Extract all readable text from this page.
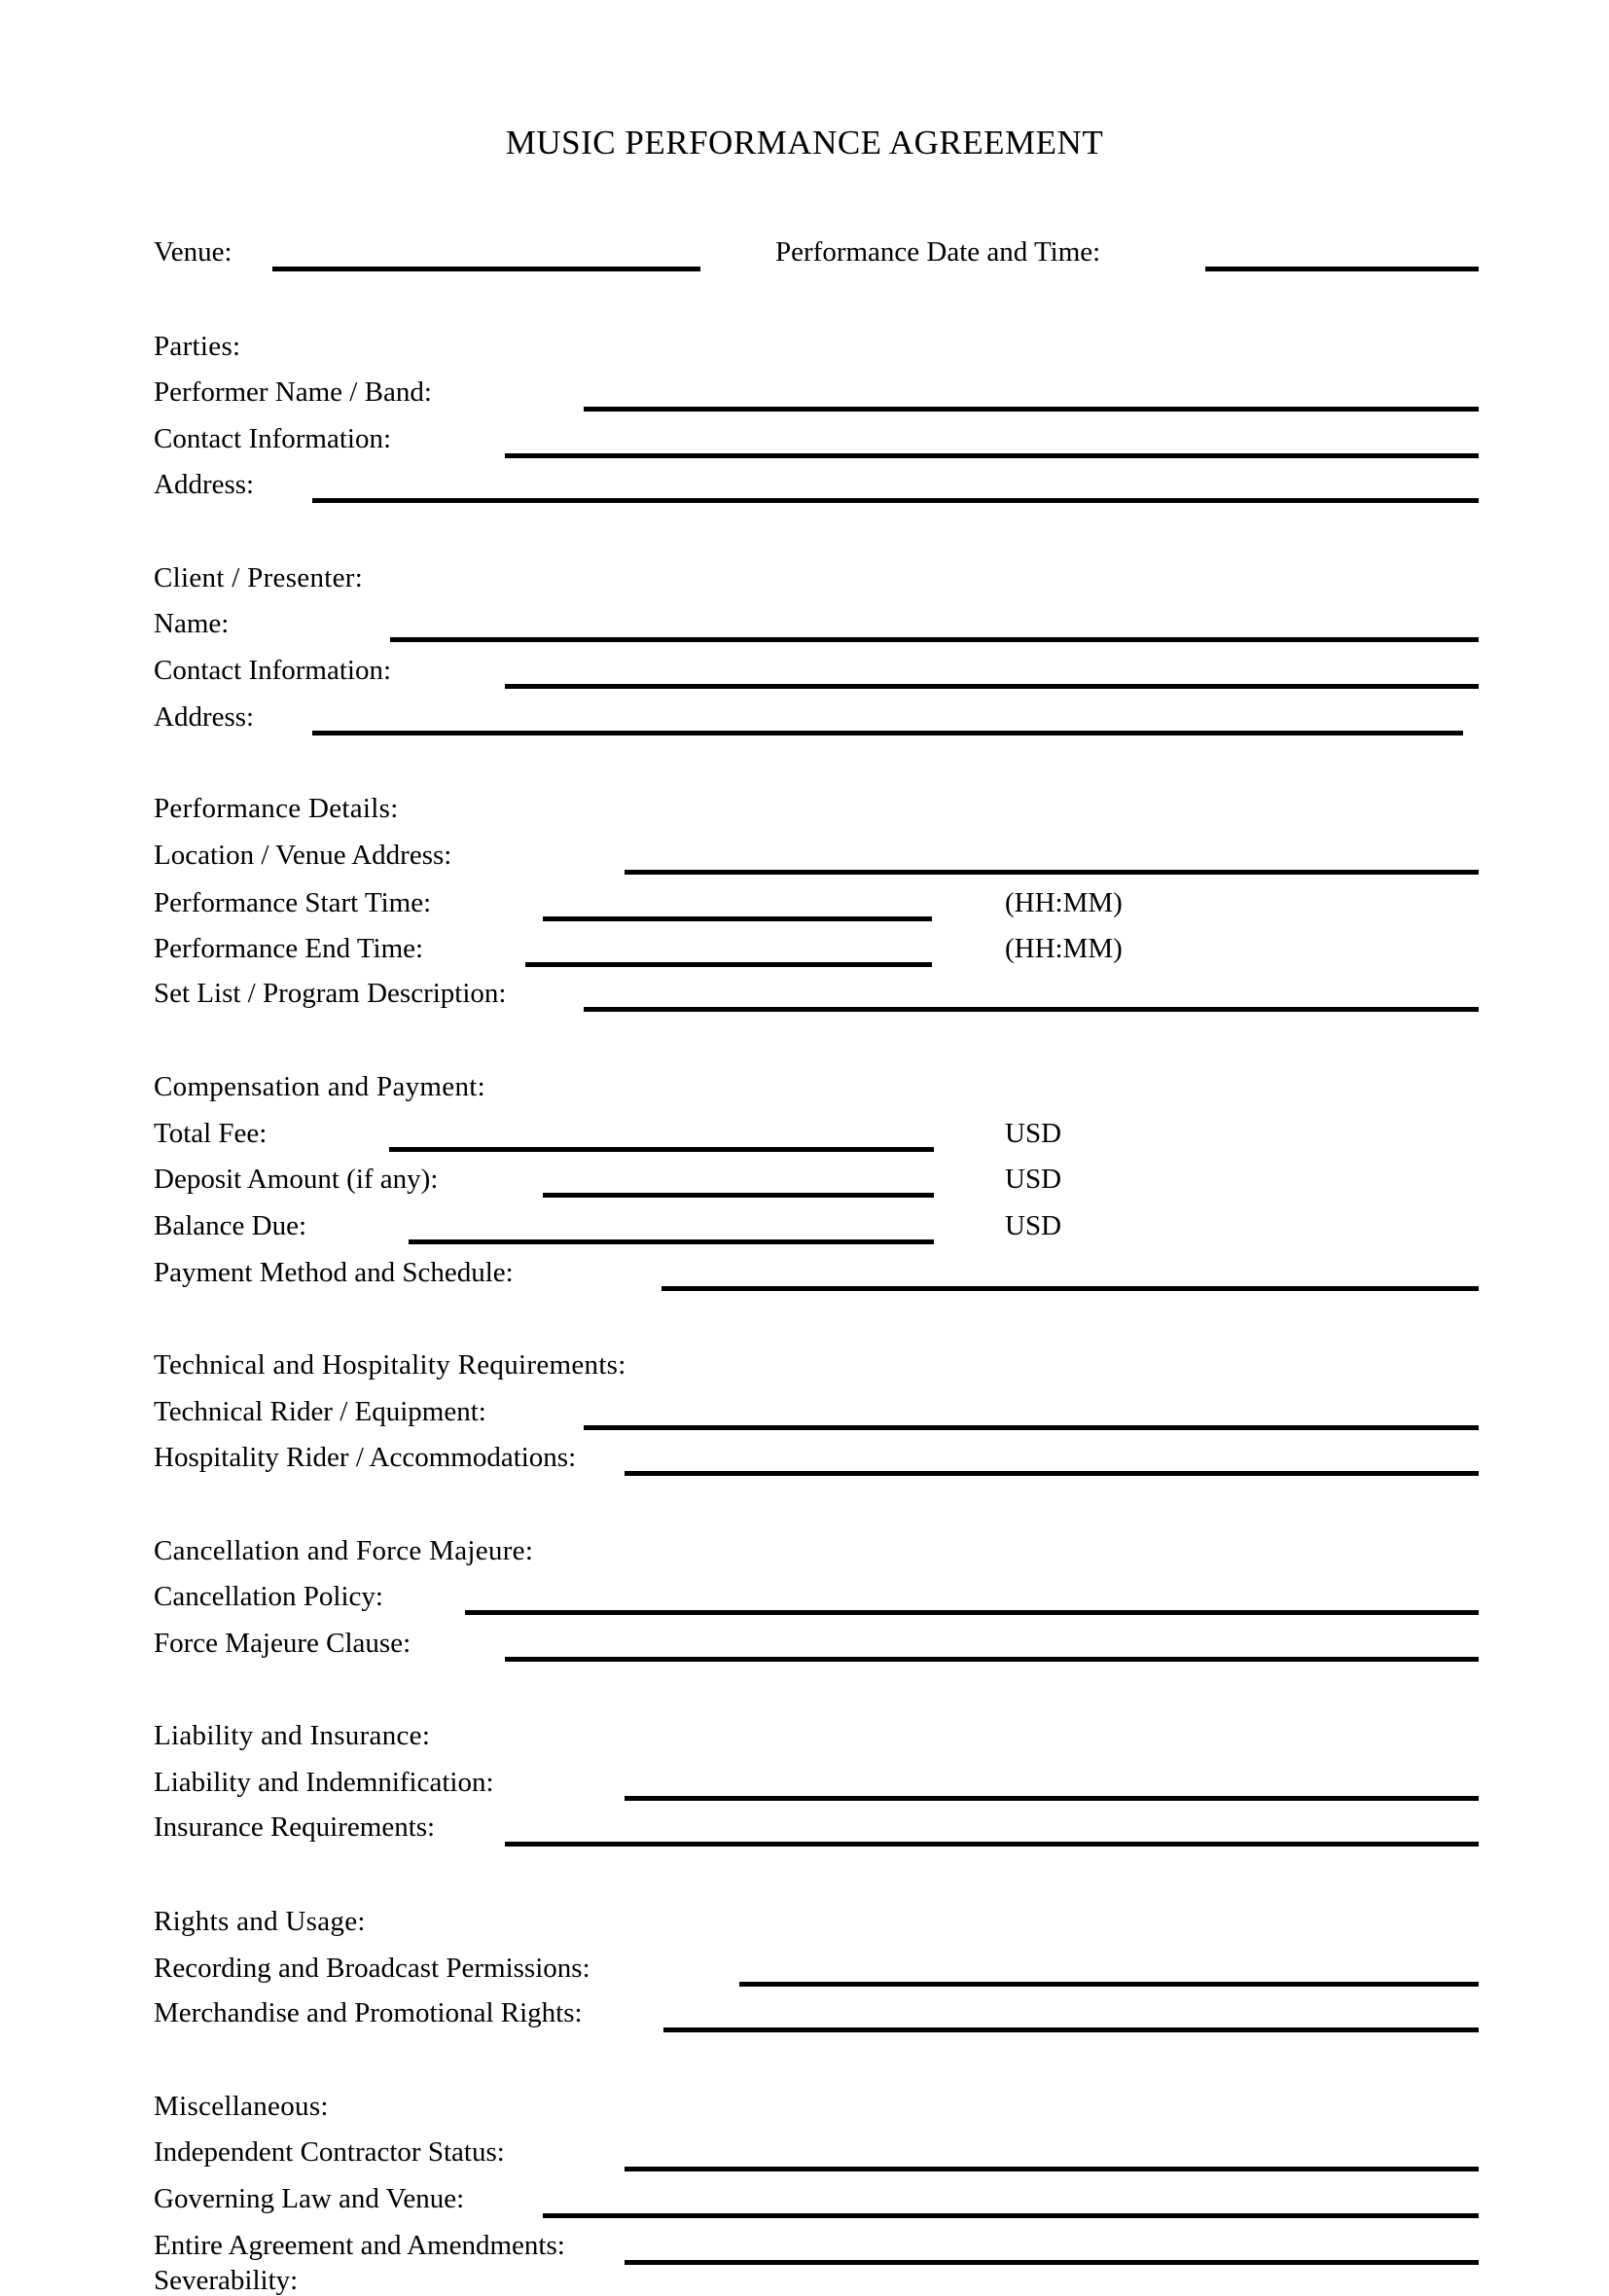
MUSIC PERFORMANCE AGREEMENT
Venue:	Performance Date and Time:
Parties:
Performer Name / Band:
Contact Information:
Address:
Client / Presenter:
Name:
Contact Information:
Address:
Performance Details:
Location / Venue Address:
Performance Start Time:	(HH:MM)
Performance End Time:	(HH:MM)
Set List / Program Description:
Compensation and Payment:
Total Fee:	USD
Deposit Amount (if any):	USD
Balance Due:	USD
Payment Method and Schedule:
Technical and Hospitality Requirements:
Technical Rider / Equipment:
Hospitality Rider / Accommodations:
Cancellation and Force Majeure:
Cancellation Policy:
Force Majeure Clause:
Liability and Insurance:
Liability and Indemnification:
Insurance Requirements:
Rights and Usage:
Recording and Broadcast Permissions:
Merchandise and Promotional Rights:
Miscellaneous:
Independent Contractor Status:
Governing Law and Venue:
Entire Agreement and Amendments:
Severability:
